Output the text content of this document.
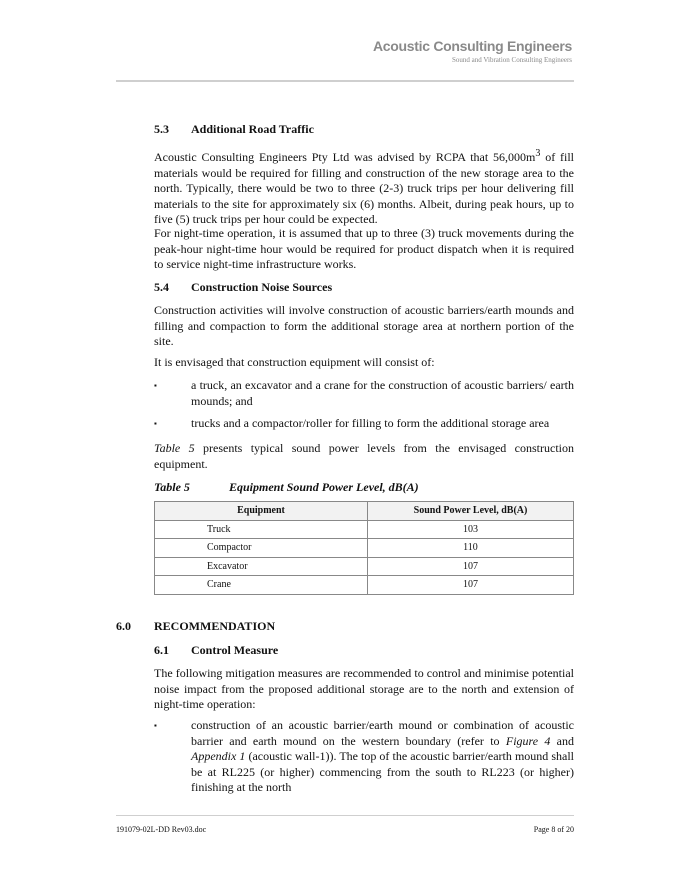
Acoustic Consulting Engineers
Sound and Vibration Consulting Engineers
5.3 Additional Road Traffic
Acoustic Consulting Engineers Pty Ltd was advised by RCPA that $56,000m^3$ of fill materials would be required for filling and construction of the new storage area to the north. Typically, there would be two to three (2-3) truck trips per hour delivering fill materials to the site for approximately six (6) months. Albeit, during peak hours, up to five (5) truck trips per hour could be expected.
For night-time operation, it is assumed that up to three (3) truck movements during the peak-hour night-time hour would be required for product dispatch when it is required to service night-time infrastructure works.
5.4 Construction Noise Sources
Construction activities will involve construction of acoustic barriers/earth mounds and filling and compaction to form the additional storage area at northern portion of the site.
It is envisaged that construction equipment will consist of:
▪	a truck, an excavator and a crane for the construction of acoustic barriers/ earth mounds; and
▪	trucks and a compactor/roller for filling to form the additional storage area
Table 5 presents typical sound power levels from the envisaged construction equipment.
Table 5	Equipment Sound Power Level, dB(A)
Equipment	Sound Power Level, dB(A)
Truck	103
Compactor	110
Excavator	107
Crane	107
6.0 RECOMMENDATION
6.1 Control Measure
The following mitigation measures are recommended to control and minimise potential noise impact from the proposed additional storage are to the north and extension of night-time operation:
▪	construction of an acoustic barrier/earth mound or combination of acoustic barrier and earth mound on the western boundary (refer to Figure 4 and Appendix 1 (acoustic wall-1)). The top of the acoustic barrier/earth mound shall be at RL225 (or higher) commencing from the south to RL223 (or higher) finishing at the north
191079-02L-DD Rev03.doc	Page 8 of 20
